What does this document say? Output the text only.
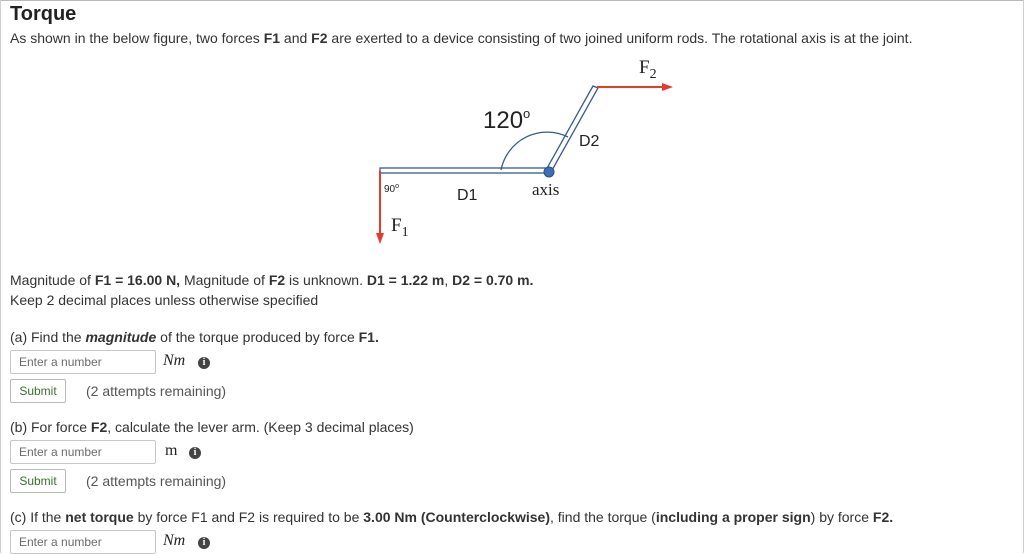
Torque
As shown in the below figure, two forces F1 and F2 are exerted to a device consisting of two joined uniform rods. The rotational axis is at the joint.
$F_2$
120$^o$
D2
D1	axis
90$^o$
$F_1$
Magnitude of F1 = 16.00 N, Magnitude of F2 is unknown. D1 = 1.22 m, D2 = 0.70 m.
Keep 2 decimal places unless otherwise specified
(a) Find the magnitude of the torque produced by force F1.
Enter a number
Nm	i
Submit	(2 attempts remaining)
(b) For force F2, calculate the lever arm. (Keep 3 decimal places)
Enter a number
m	i
Submit	(2 attempts remaining)
(c) If the net torque by force F1 and F2 is required to be 3.00 Nm (Counterclockwise), find the torque (including a proper sign) by force F2.
Enter a number
Nm	i
